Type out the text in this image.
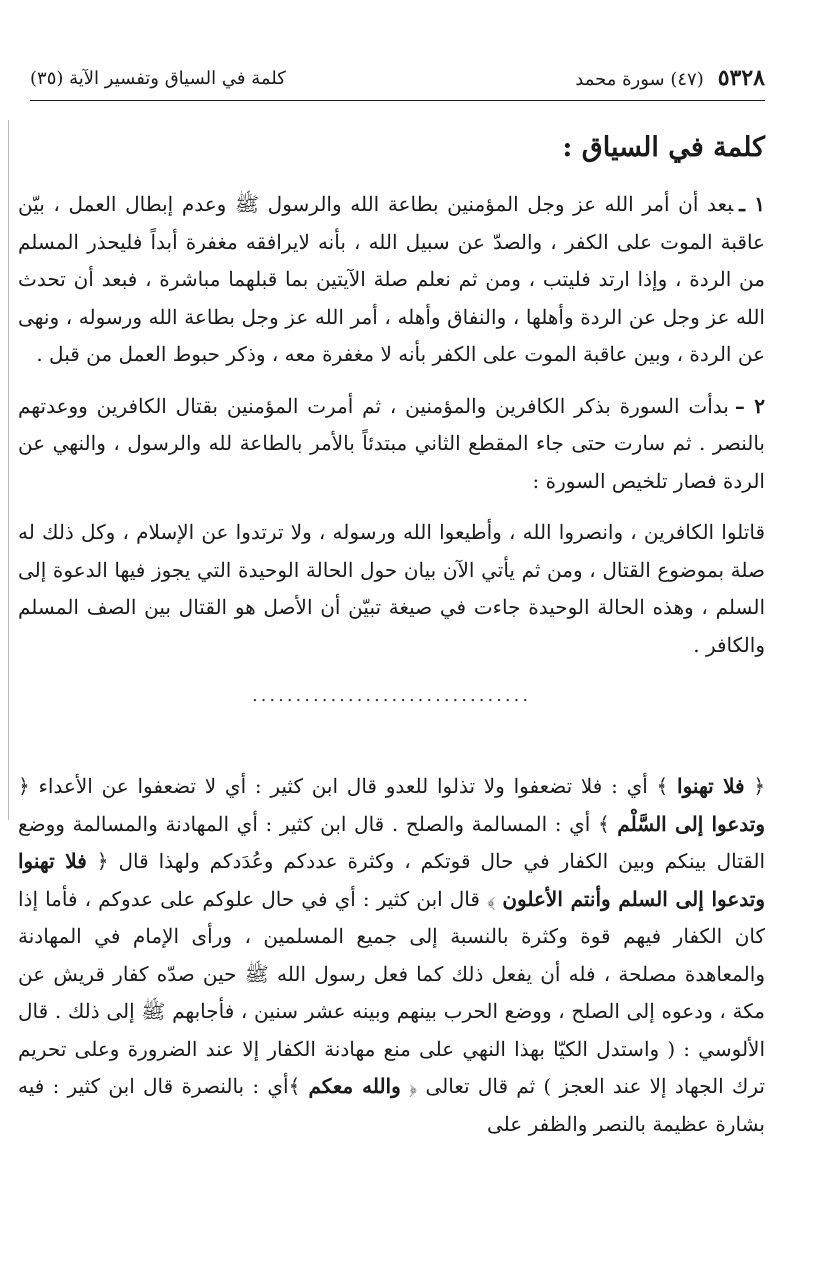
٥٣٢٨
(٤٧) سورة محمد
كلمة في السياق وتفسير الآية (٣٥)
كلمة في السياق :

١ ـبعد أن أمر الله عز وجل المؤمنين بطاعة الله والرسول ﷺ وعدم إبطال العمل ، بيّن عاقبة الموت على الكفر ، والصدّ عن سبيل الله ، بأنه لايرافقه مغفرة أبداً فليحذر المسلم من الردة ، وإذا ارتد فليتب ، ومن ثم نعلم صلة الآيتين بما قبلهما مباشرة ، فبعد أن تحدث الله عز وجل عن الردة وأهلها ، والنفاق وأهله ، أمر الله عز وجل بطاعة الله ورسوله ، ونهى عن الردة ، وبين عاقبة الموت على الكفر بأنه لا مغفرة معه ، وذكر حبوط العمل من قبل .

٢ –بدأت السورة بذكر الكافرين والمؤمنين ، ثم أمرت المؤمنين بقتال الكافرين ووعدتهم بالنصر . ثم سارت حتى جاء المقطع الثاني مبتدئاً بالأمر بالطاعة لله والرسول ، والنهي عن الردة فصار تلخيص السورة :

قاتلوا الكافرين ، وانصروا الله ، وأطيعوا الله ورسوله ، ولا ترتدوا عن الإسلام ، وكل ذلك له صلة بموضوع القتال ، ومن ثم يأتي الآن بيان حول الحالة الوحيدة التي يجوز فيها الدعوة إلى السلم ، وهذه الحالة الوحيدة جاءت في صيغة تبيّن أن الأصل هو القتال بين الصف المسلم والكافر .

................................

﴿ فلا تهنوا ﴾ أي : فلا تضعفوا ولا تذلوا للعدو قال ابن كثير : أي لا تضعفوا عن الأعداء ﴿ وتدعوا إلى السَّلْم ﴾ أي : المسالمة والصلح . قال ابن كثير : أي المهادنة والمسالمة ووضع القتال بينكم وبين الكفار في حال قوتكم ، وكثرة عددكم وعُدَدكم ولهذا قال ﴿ فلا تهنوا وتدعوا إلى السلم وأنتم الأعلون ﴾ قال ابن كثير : أي في حال علوكم على عدوكم ، فأما إذا كان الكفار فيهم قوة وكثرة بالنسبة إلى جميع المسلمين ، ورأى الإمام في المهادنة والمعاهدة مصلحة ، فله أن يفعل ذلك كما فعل رسول الله ﷺ حين صدّه كفار قريش عن مكة ، ودعوه إلى الصلح ، ووضع الحرب بينهم وبينه عشر سنين ، فأجابهم ﷺ إلى ذلك . قال الألوسي : ( واستدل الكيّا بهذا النهي على منع مهادنة الكفار إلا عند الضرورة وعلى تحريم ترك الجهاد إلا عند العجز ) ثم قال تعالى ﴿ والله معكم ﴾أي : بالنصرة قال ابن كثير : فيه بشارة عظيمة بالنصر والظفر على
